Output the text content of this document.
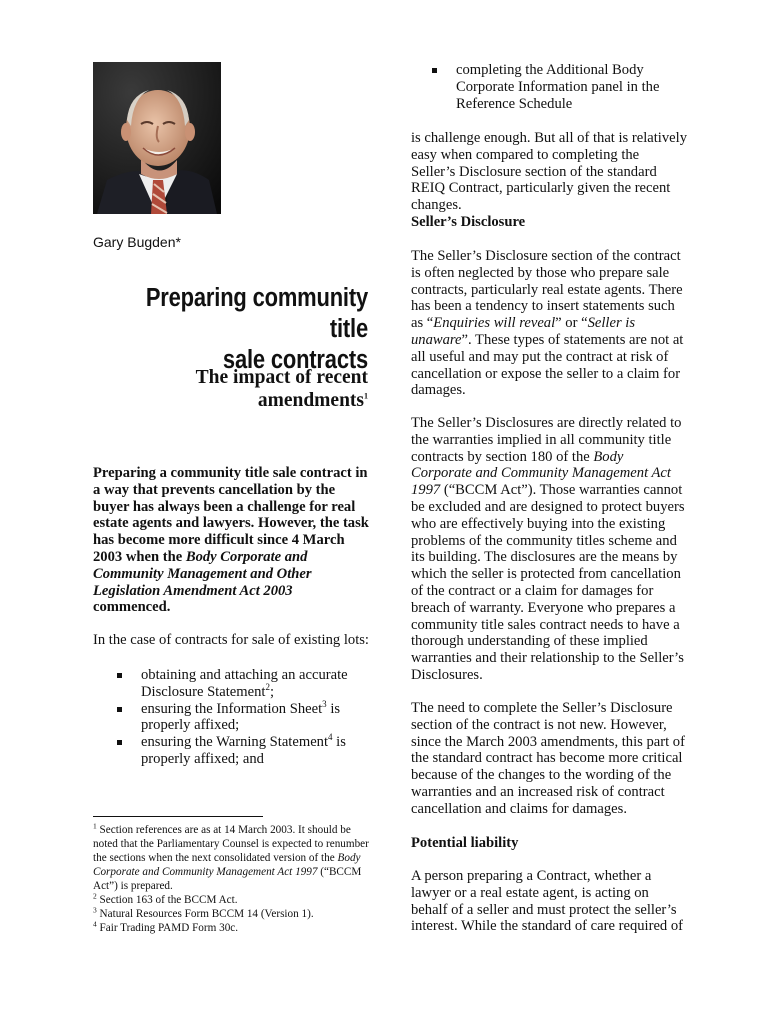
Gary Bugden*
Preparing community title
sale contracts
The impact of recent
amendments$^1$
Preparing a community title sale contract in a way that prevents cancellation by the buyer has always been a challenge for real estate agents and lawyers. However, the task has become more difficult since 4 March 2003 when the Body Corporate and Community Management and Other Legislation Amendment Act 2003 commenced.
In the case of contracts for sale of existing lots:
obtaining and attaching an accurate Disclosure Statement$^2$;
ensuring the Information Sheet$^3$ is properly affixed;
ensuring the Warning Statement$^4$ is properly affixed; and
$^1$ Section references are as at 14 March 2003. It should be noted that the Parliamentary Counsel is expected to renumber the sections when the next consolidated version of the Body Corporate and Community Management Act 1997 (“BCCM Act”) is prepared.
$^2$ Section 163 of the BCCM Act.
$^3$ Natural Resources Form BCCM 14 (Version 1).
$^4$ Fair Trading PAMD Form 30c.
completing the Additional Body Corporate Information panel in the Reference Schedule
is challenge enough. But all of that is relatively easy when compared to completing the Seller’s Disclosure section of the standard REIQ Contract, particularly given the recent changes.
Seller’s Disclosure
The Seller’s Disclosure section of the contract is often neglected by those who prepare sale contracts, particularly real estate agents. There has been a tendency to insert statements such as “Enquiries will reveal” or “Seller is unaware”. These types of statements are not at all useful and may put the contract at risk of cancellation or expose the seller to a claim for damages.
The Seller’s Disclosures are directly related to the warranties implied in all community title contracts by section 180 of the Body Corporate and Community Management Act 1997 (“BCCM Act”). Those warranties cannot be excluded and are designed to protect buyers who are effectively buying into the existing problems of the community titles scheme and its building. The disclosures are the means by which the seller is protected from cancellation of the contract or a claim for damages for breach of warranty. Everyone who prepares a community title sales contract needs to have a thorough understanding of these implied warranties and their relationship to the Seller’s Disclosures.
The need to complete the Seller’s Disclosure section of the contract is not new. However, since the March 2003 amendments, this part of the standard contract has become more critical because of the changes to the wording of the warranties and an increased risk of contract cancellation and claims for damages.
Potential liability
A person preparing a Contract, whether a lawyer or a real estate agent, is acting on behalf of a seller and must protect the seller’s interest. While the standard of care required of
